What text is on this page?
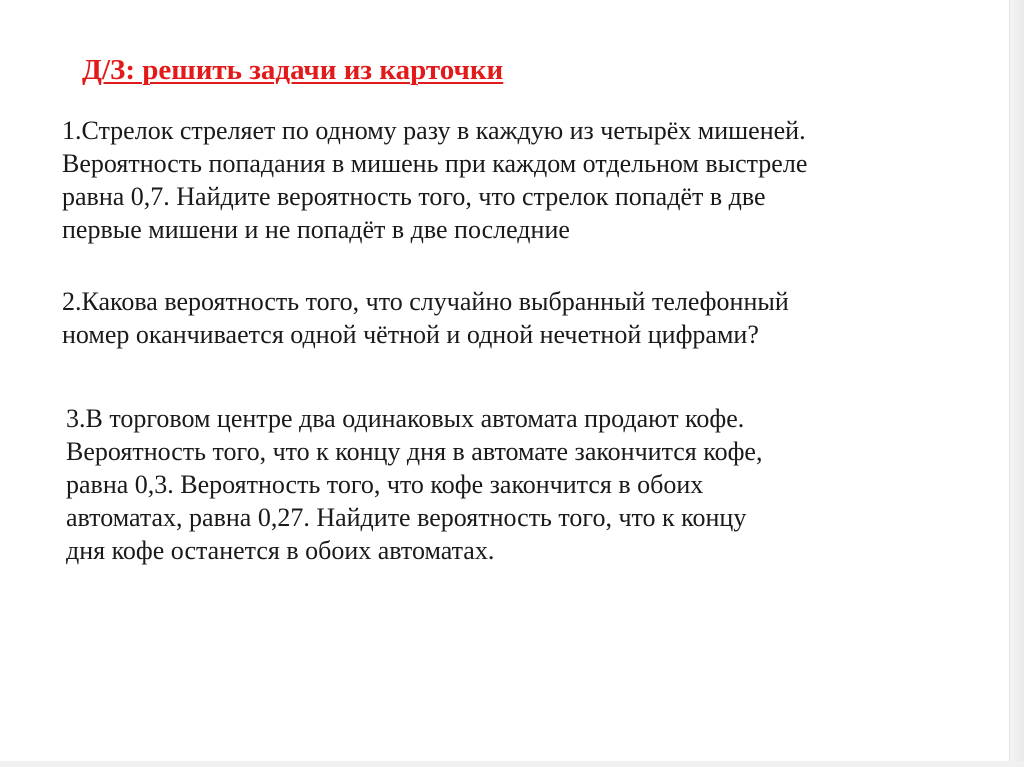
Д/З: решить задачи из карточки
1.Стрелок стреляет по одному разу в каждую из четырёх мишеней.
Вероятность попадания в мишень при каждом отдельном выстреле
равна 0,7. Найдите вероятность того, что стрелок попадёт в две
первые мишени и не попадёт в две последние
2.Какова вероятность того, что случайно выбранный телефонный
номер оканчивается одной чётной и одной нечетной цифрами?
3.В торговом центре два одинаковых автомата продают кофе.
Вероятность того, что к концу дня в автомате закончится кофе,
равна 0,3. Вероятность того, что кофе закончится в обоих
автоматах, равна 0,27. Найдите вероятность того, что к концу
дня кофе останется в обоих автоматах.
